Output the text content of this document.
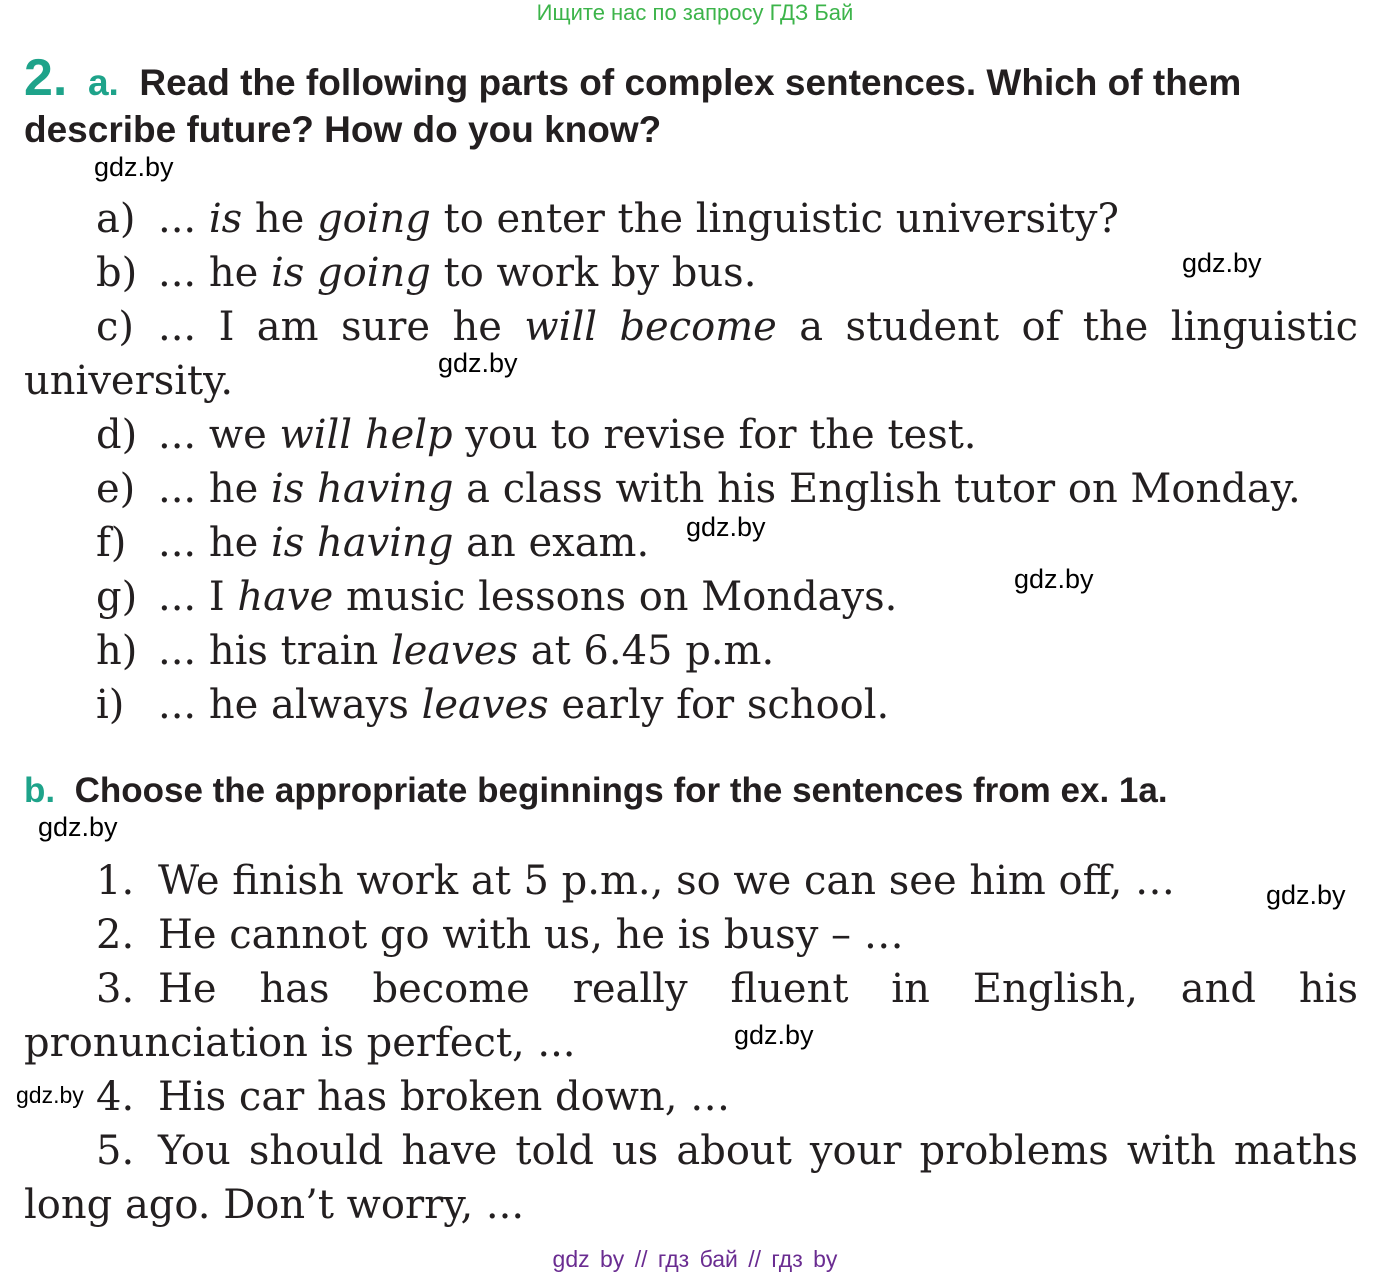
Ищите нас по запросу ГДЗ Бай
2. a. Read the following parts of complex sentences. Which of them
describe future? How do you know?
a) ... is he going to enter the linguistic university?
b) ... he is going to work by bus.
c) ... I am sure he will become a student of the linguistic
university.
d) ... we will help you to revise for the test.
e) ... he is having a class with his English tutor on Monday.
f) ... he is having an exam.
g) ... I have music lessons on Mondays.
h) ... his train leaves at 6.45 p.m.
i) ... he always leaves early for school.
b. Choose the appropriate beginnings for the sentences from ex. 1a.
1. We finish work at 5 p.m., so we can see him off, …
2. He cannot go with us, he is busy – …
3. He has become really fluent in English, and his
pronunciation is perfect, ...
4. His car has broken down, …
5. You should have told us about your problems with maths
long ago. Don’t worry, ...
gdz.by
gdz.by
gdz.by
gdz.by
gdz.by
gdz.by
gdz.by
gdz.by
gdz.by
gdz by // гдз бай // гдз by
